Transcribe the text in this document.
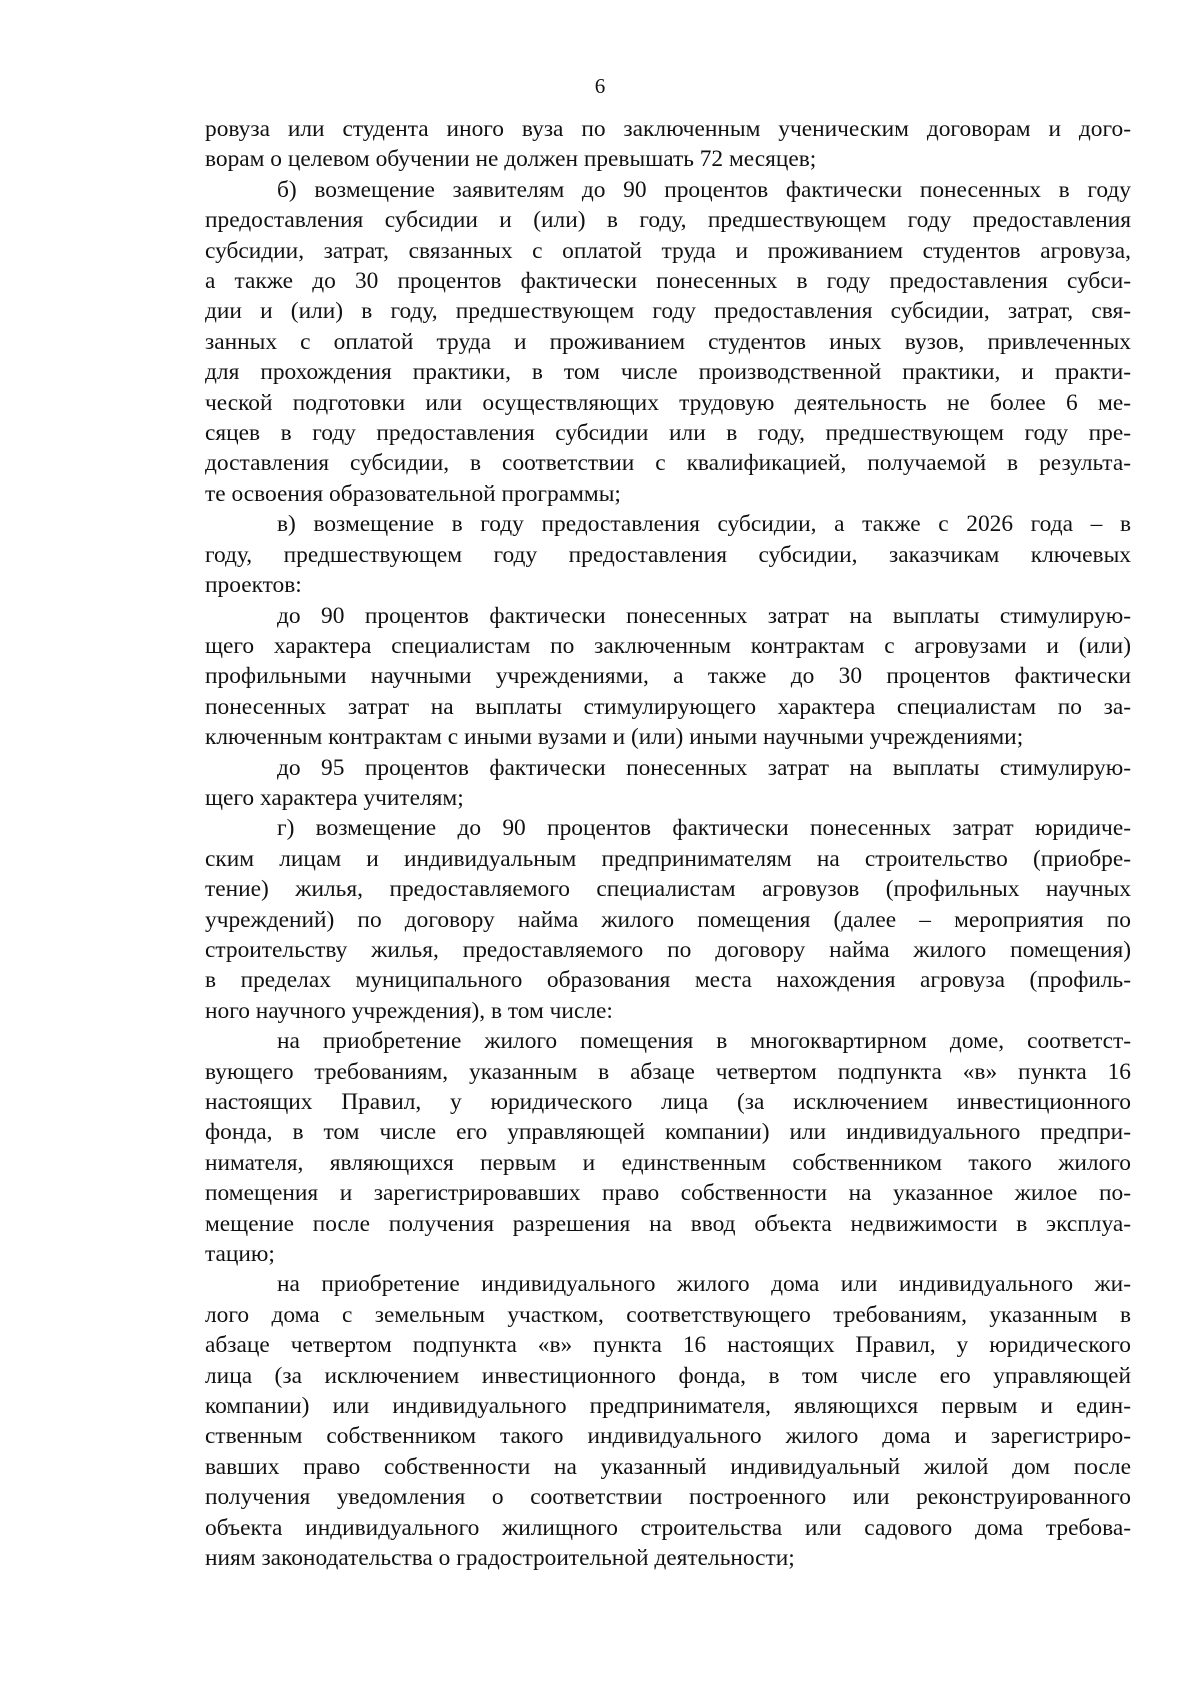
6
ровуза или студента иного вуза по заключенным ученическим договорам и дого-
ворам о целевом обучении не должен превышать 72 месяцев;
б) возмещение заявителям до 90 процентов фактически понесенных в году
предоставления субсидии и (или) в году, предшествующем году предоставления
субсидии, затрат, связанных с оплатой труда и проживанием студентов агровуза,
а также до 30 процентов фактически понесенных в году предоставления субси-
дии и (или) в году, предшествующем году предоставления субсидии, затрат, свя-
занных с оплатой труда и проживанием студентов иных вузов, привлеченных
для прохождения практики, в том числе производственной практики, и практи-
ческой подготовки или осуществляющих трудовую деятельность не более 6 ме-
сяцев в году предоставления субсидии или в году, предшествующем году пре-
доставления субсидии, в соответствии с квалификацией, получаемой в результа-
те освоения образовательной программы;
в) возмещение в году предоставления субсидии, а также с 2026 года – в
году, предшествующем году предоставления субсидии, заказчикам ключевых
проектов:
до 90 процентов фактически понесенных затрат на выплаты стимулирую-
щего характера специалистам по заключенным контрактам с агровузами и (или)
профильными научными учреждениями, а также до 30 процентов фактически
понесенных затрат на выплаты стимулирующего характера специалистам по за-
ключенным контрактам с иными вузами и (или) иными научными учреждениями;
до 95 процентов фактически понесенных затрат на выплаты стимулирую-
щего характера учителям;
г) возмещение до 90 процентов фактически понесенных затрат юридиче-
ским лицам и индивидуальным предпринимателям на строительство (приобре-
тение) жилья, предоставляемого специалистам агровузов (профильных научных
учреждений) по договору найма жилого помещения (далее – мероприятия по
строительству жилья, предоставляемого по договору найма жилого помещения)
в пределах муниципального образования места нахождения агровуза (профиль-
ного научного учреждения), в том числе:
на приобретение жилого помещения в многоквартирном доме, соответст-
вующего требованиям, указанным в абзаце четвертом подпункта «в» пункта 16
настоящих Правил, у юридического лица (за исключением инвестиционного
фонда, в том числе его управляющей компании) или индивидуального предпри-
нимателя, являющихся первым и единственным собственником такого жилого
помещения и зарегистрировавших право собственности на указанное жилое по-
мещение после получения разрешения на ввод объекта недвижимости в эксплуа-
тацию;
на приобретение индивидуального жилого дома или индивидуального жи-
лого дома с земельным участком, соответствующего требованиям, указанным в
абзаце четвертом подпункта «в» пункта 16 настоящих Правил, у юридического
лица (за исключением инвестиционного фонда, в том числе его управляющей
компании) или индивидуального предпринимателя, являющихся первым и един-
ственным собственником такого индивидуального жилого дома и зарегистриро-
вавших право собственности на указанный индивидуальный жилой дом после
получения уведомления о соответствии построенного или реконструированного
объекта индивидуального жилищного строительства или садового дома требова-
ниям законодательства о градостроительной деятельности;
